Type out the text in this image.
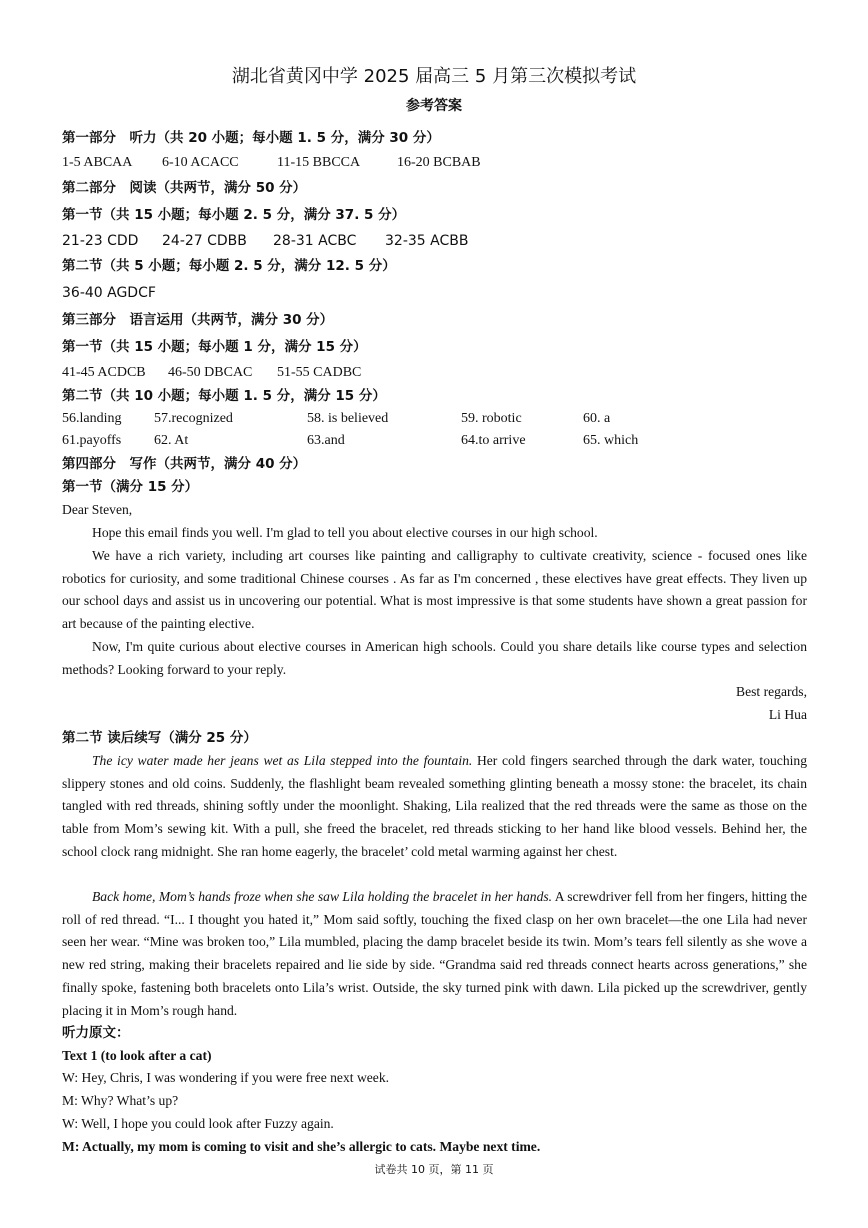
湖北省黄冈中学 2025 届高三 5 月第三次模拟考试
参考答案
第一部分　听力（共 20 小题；每小题 1. 5 分，满分 30 分）
1-5 ABCAA 6-10 ACACC	11-15 BBCCA	16-20 BCBAB
第二部分　阅读（共两节，满分 50 分）
第一节（共 15 小题；每小题 2. 5 分，满分 37. 5 分）
21-23 CDD 24-27 CDBB 28-31 ACBC 32-35 ACBB
第二节（共 5 小题；每小题 2. 5 分，满分 12. 5 分）
36-40 AGDCF
第三部分　语言运用（共两节，满分 30 分）
第一节（共 15 小题；每小题 1 分，满分 15 分）
41-45 ACDCB 46-50 DBCAC 51-55 CADBC
第二节（共 10 小题；每小题 1. 5 分，满分 15 分）
56.landing 57.recognized	58. is believed	59. robotic	60. a
61.payoffs 62. At	63.and	64.to arrive	65. which
第四部分　写作（共两节，满分 40 分）
第一节（满分 15 分）
Dear Steven,

Hope this email finds you well. I'm glad to tell you about elective courses in our high school.

We have a rich variety, including art courses like painting and calligraphy to cultivate creativity, science - focused ones like robotics for curiosity, and some traditional Chinese courses . As far as I'm concerned , these electives have great effects. They liven up our school days and assist us in uncovering our potential. What is most impressive is that some students have shown a great passion for art because of the painting elective.

Now, I'm quite curious about elective courses in American high schools. Could you share details like course types and selection methods? Looking forward to your reply.

Best regards,
Li Hua
第二节 读后续写（满分 25 分）

The icy water made her jeans wet as Lila stepped into the fountain. Her cold fingers searched through the dark water, touching slippery stones and old coins. Suddenly, the flashlight beam revealed something glinting beneath a mossy stone: the bracelet, its chain tangled with red threads, shining softly under the moonlight. Shaking, Lila realized that the red threads were the same as those on the table from Mom’s sewing kit. With a pull, she freed the bracelet, red threads sticking to her hand like blood vessels. Behind her, the school clock rang midnight. She ran home eagerly, the bracelet’ cold metal warming against her chest.

Back home, Mom’s hands froze when she saw Lila holding the bracelet in her hands. A screwdriver fell from her fingers, hitting the roll of red thread. “I... I thought you hated it,” Mom said softly, touching the fixed clasp on her own bracelet—the one Lila had never seen her wear. “Mine was broken too,” Lila mumbled, placing the damp bracelet beside its twin. Mom’s tears fell silently as she wove a new red string, making their bracelets repaired and lie side by side. “Grandma said red threads connect hearts across generations,” she finally spoke, fastening both bracelets onto Lila’s wrist. Outside, the sky turned pink with dawn. Lila picked up the screwdriver, gently placing it in Mom’s rough hand.

听力原文：
Text 1 (to look after a cat)
W: Hey, Chris, I was wondering if you were free next week.
M: Why? What’s up?
W: Well, I hope you could look after Fuzzy again.
M: Actually, my mom is coming to visit and she’s allergic to cats. Maybe next time.
试卷共 10 页，第 11 页
